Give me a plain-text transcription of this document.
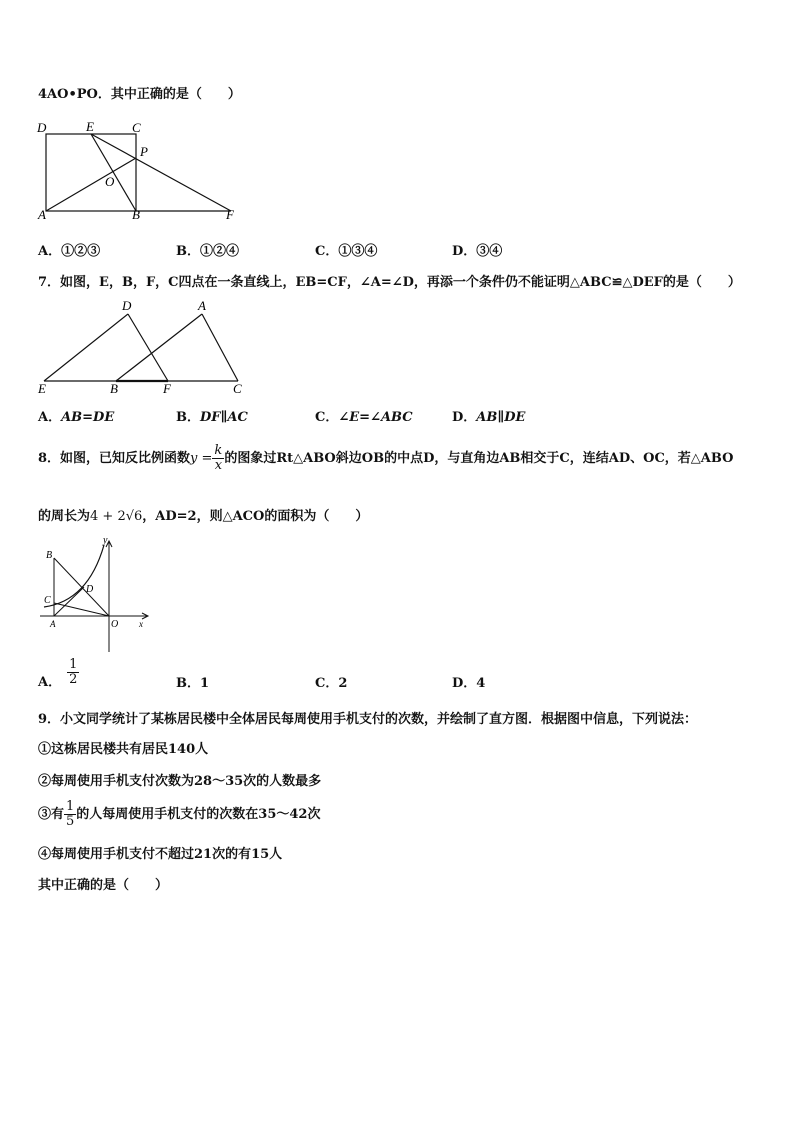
4AO•PO．其中正确的是（　　）
D	E	C
P
O
A	B	F
A．①②③	B．①②④	C．①③④	D．③④
7．如图，E，B，F，C四点在一条直线上，EB=CF，∠A=∠D，再添一个条件仍不能证明△ABC≌△DEF的是（　　）
D	A
E	B	F	C
A．AB=DE	B．DF∥AC	C．∠E=∠ABC	D．AB∥DE
8．如图，已知反比例函数$y = \frac{k}{x}$ 的图象过Rt△ABO斜边OB的中点D，与直角边AB相交于C，连结AD、OC，若△ABO
的周长为4 + 2√6，AD=2，则△ACO的面积为（　　）
B
y
D
C
A	O x
A． $\frac{1}{2}$	B．1	C．2	D．4
9．小文同学统计了某栋居民楼中全体居民每周使用手机支付的次数，并绘制了直方图．根据图中信息，下列说法：
①这栋居民楼共有居民140人
②每周使用手机支付次数为28～35次的人数最多
③有 $\frac{1}{5}$ 的人每周使用手机支付的次数在35～42次
④每周使用手机支付不超过21次的有15人
其中正确的是（　　）
